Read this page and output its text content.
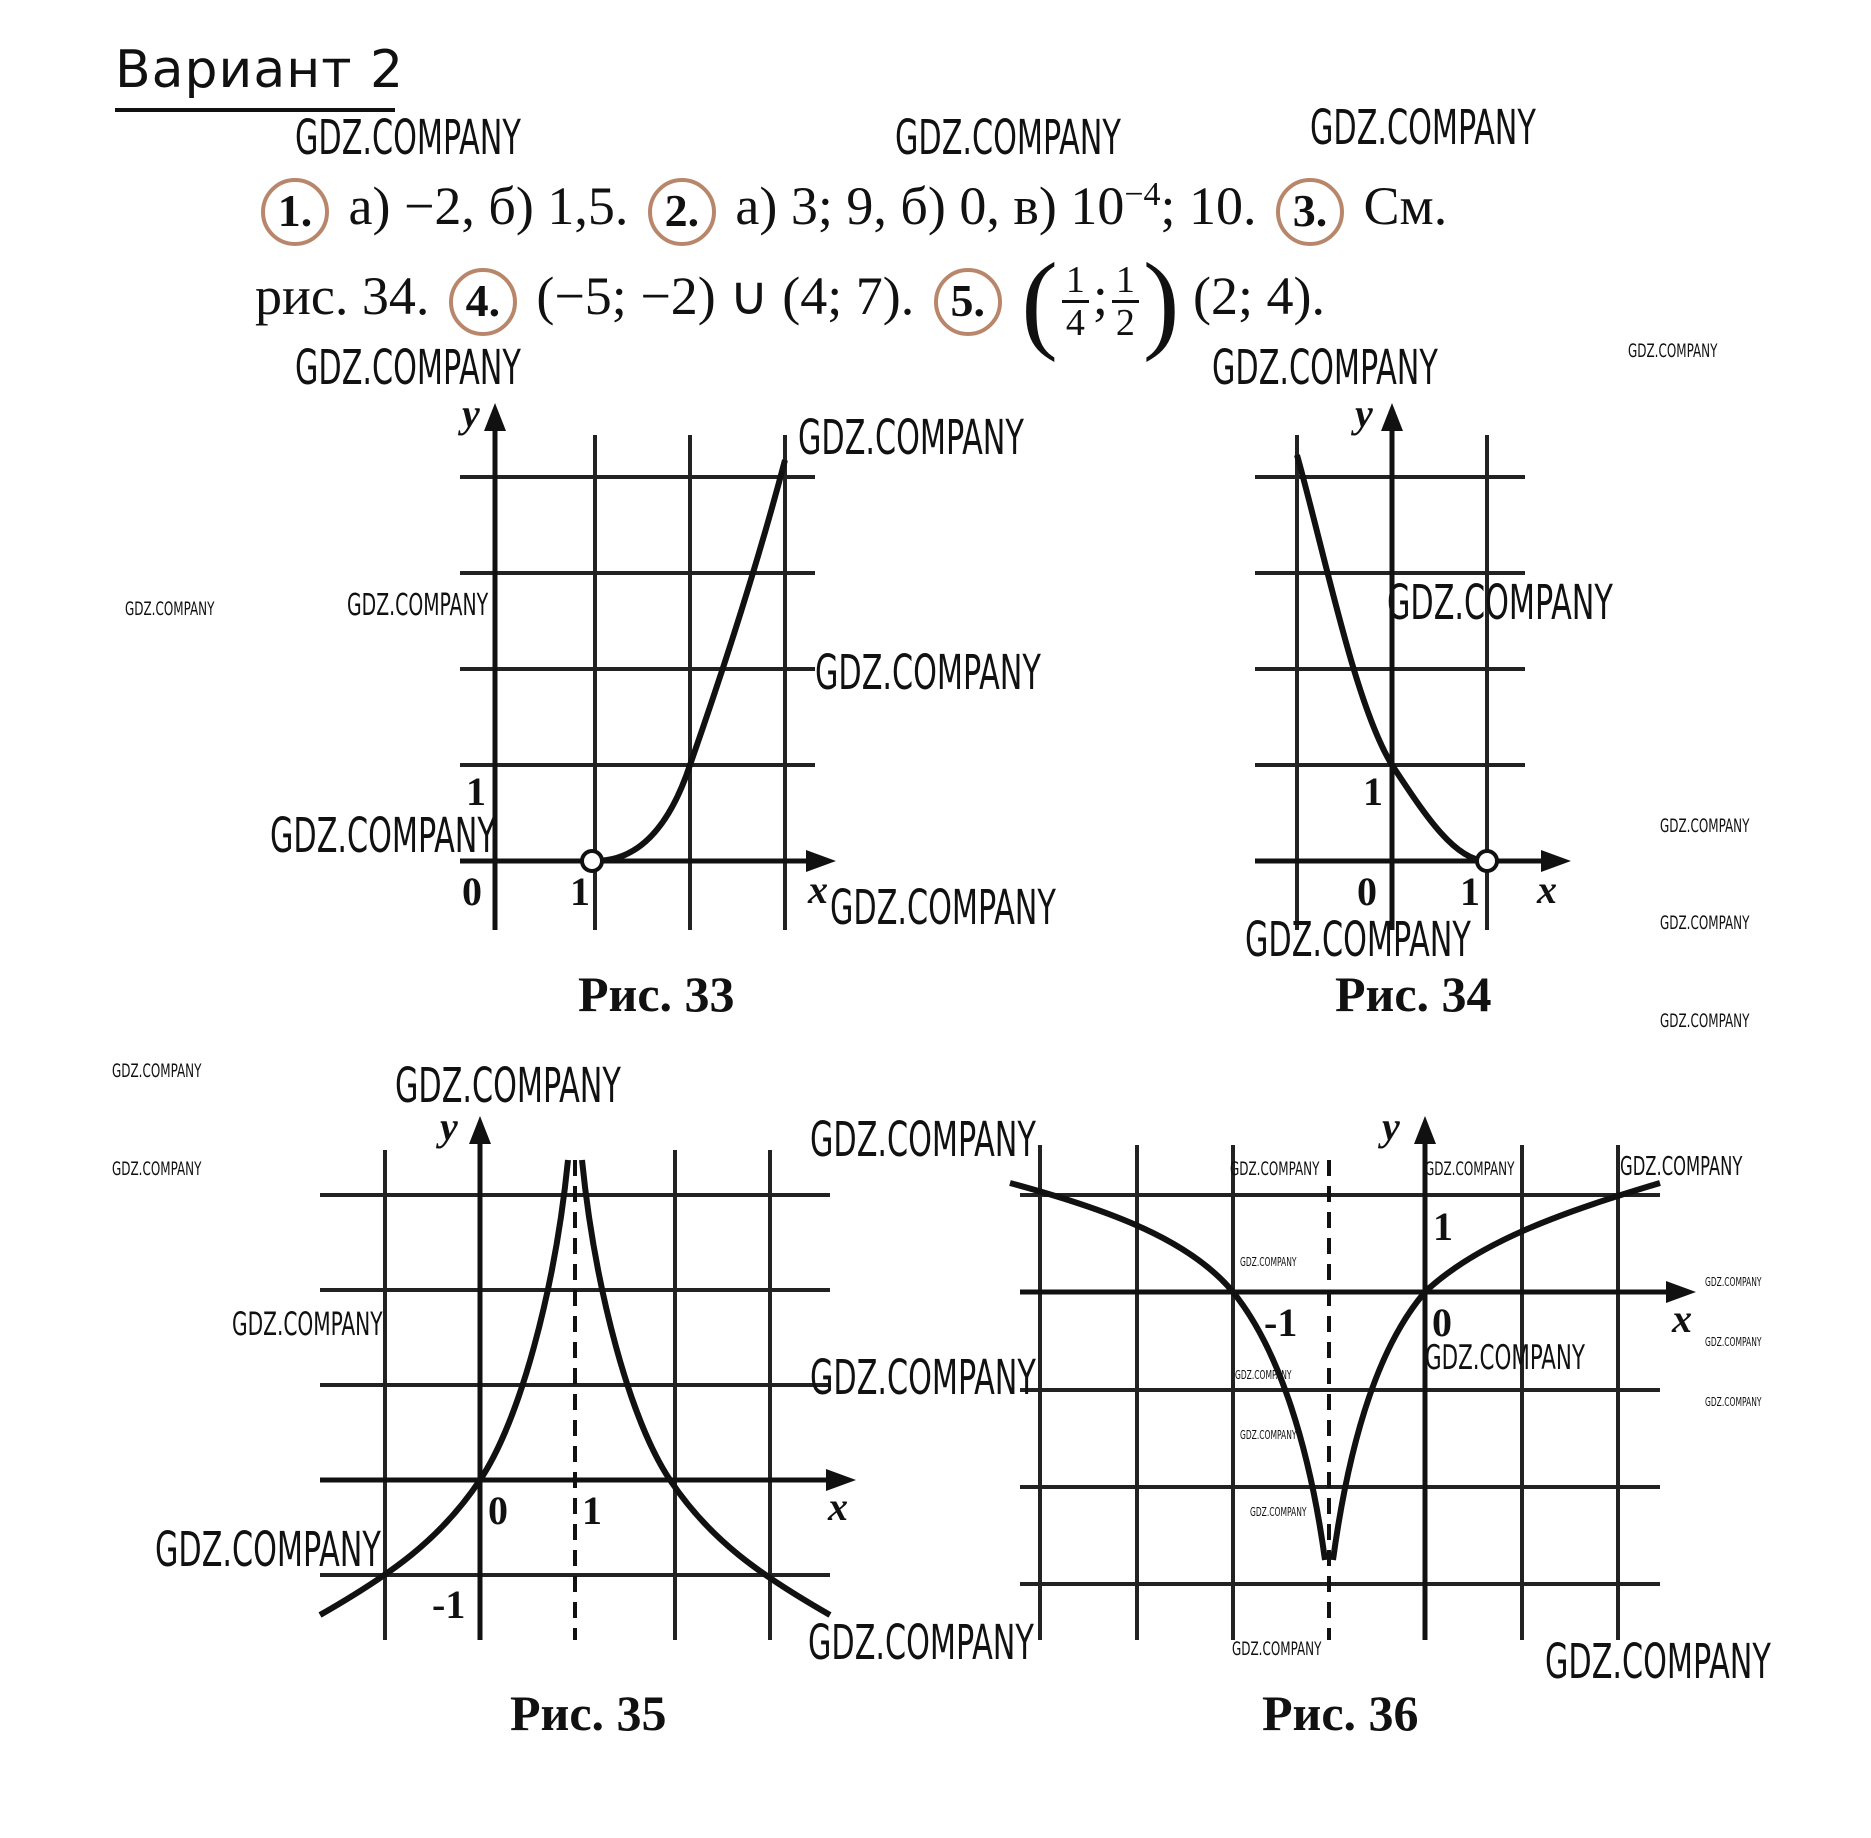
Вариант 2
1. а) −2, б) 1,5. 2. а) 3; 9, б) 0, в) $10^{-4}$; 10. 3. См.
рис. 34. 4. (−5; −2) ∪ (4; 7). 5. ( $\frac{1}{4}$ ; $\frac{1}{2}$ ) (2; 4).
y
x
0 1
1
Рис. 33
y
x
0 1
1
Рис. 34
y
x
0 1
-1
Рис. 35
y
x
0
-1
1
Рис. 36
GDZ.COMPANY	GDZ.COMPANY	GDZ.COMPANY
GDZ.COMPANY	GDZ.COMPANY	GDZ.COMPANY
GDZ.COMPANY
GDZ.COMPANY	GDZ.COMPANY	GDZ.COMPANY
GDZ.COMPANY
GDZ.COMPANY
GDZ.COMPANY
GDZ.COMPANY	GDZ.COMPANY
GDZ.COMPANY
GDZ.COMPANY
GDZ.COMPANY	GDZ.COMPANY
GDZ.COMPANY
GDZ.COMPANY
GDZ.COMPANY	GDZ.COMPANY	GDZ.COMPANY
GDZ.COMPANY
GDZ.COMPANY
GDZ.COMPANY	GDZ.COMPANY
GDZ.COMPANY	GDZ.COMPANY
GDZ.COMPANY
GDZ.COMPANY
GDZ.COMPANY
GDZ.COMPANY
GDZ.COMPANY
GDZ.COMPANY	GDZ.COMPANY	GDZ.COMPANY
